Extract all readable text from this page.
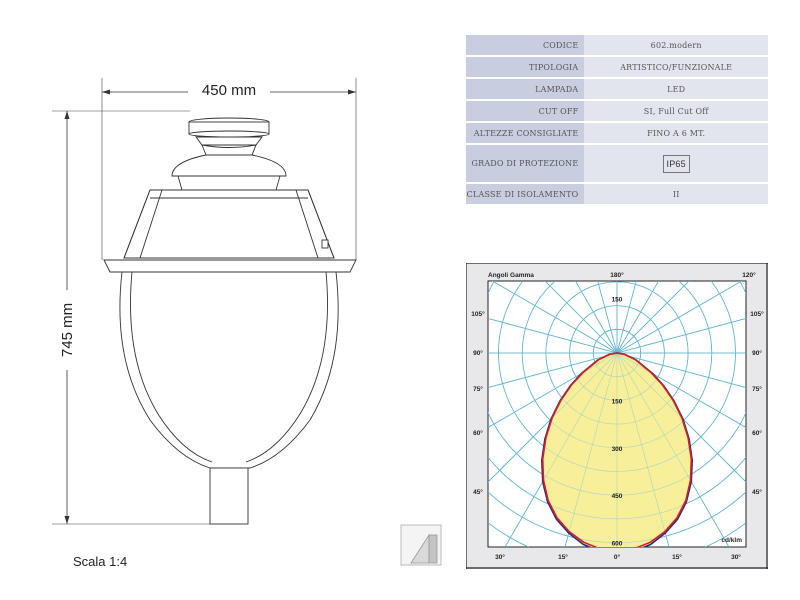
450 mm
745 mm
Scala 1:4
CODICE	602.modern
TIPOLOGIA	ARTISTICO/FUNZIONALE
LAMPADA	LED
CUT OFF	SI, Full Cut Off
ALTEZZE CONSIGLIATE	FINO A 6 MT.
GRADO DI PROTEZIONE	IP65
CLASSE DI ISOLAMENTO	II
Angoli Gamma	180°	120°
150
150
300
450
600
cd/klm
105°
90°
75°
60°
45°
105°
90°
75°
60°
45°
30°	15°	0°	15°	30°
